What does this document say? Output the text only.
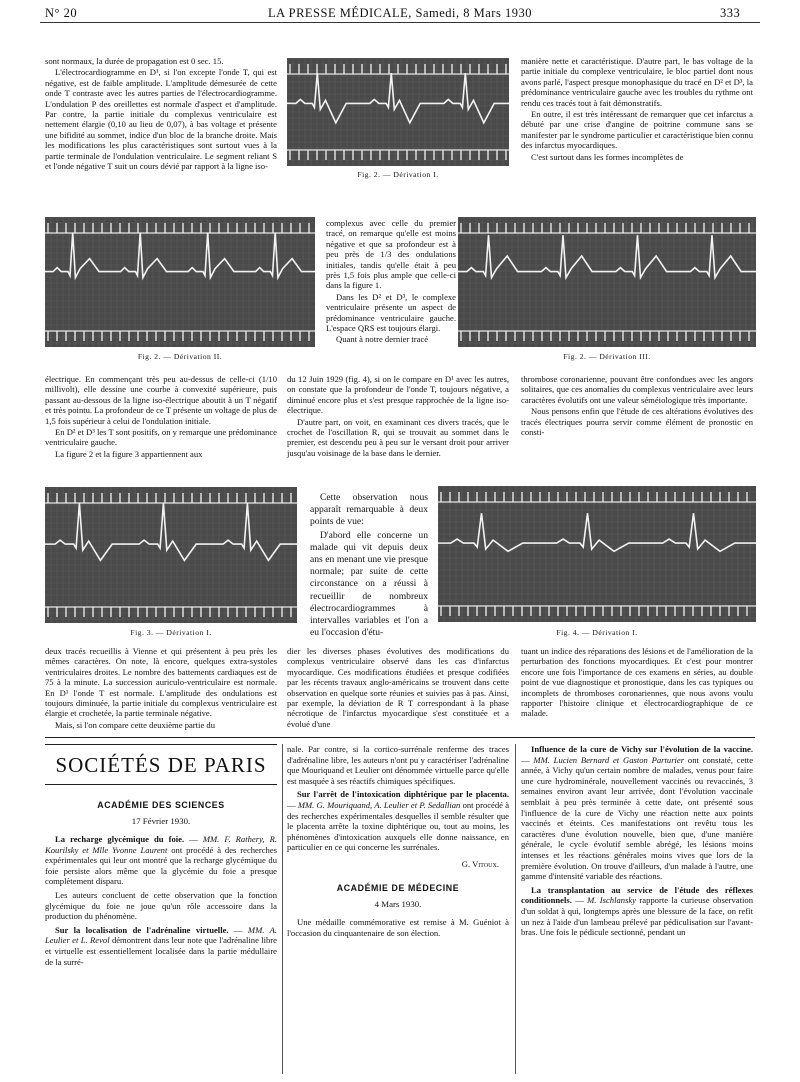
N° 20	LA PRESSE MÉDICALE, Samedi, 8 Mars 1930	333

sont normaux, la durée de propagation est 0 sec. 15.

L'électrocardiogramme en D¹, si l'on excepte l'onde T, qui est négative, est de faible amplitude. L'amplitude démesurée de cette onde T contraste avec les autres parties de l'électrocardiogramme. L'ondulation P des oreillettes est normale d'aspect et d'amplitude. Par contre, la partie initiale du complexus ventriculaire est nettement élargie (0,10 au lieu de 0,07), à bas voltage et présente une bifidité au sommet, indice d'un bloc de la branche droite. Mais les modifications les plus caractéristiques sont surtout vues à la partie terminale de l'ondulation ventriculaire. Le segment reliant S et l'onde négative T suit un cours dévié par rapport à la ligne iso-

Fig. 2. — Dérivation I.

manière nette et caractéristique. D'autre part, le bas voltage de la partie initiale du complexe ventriculaire, le bloc partiel dont nous avons parlé, l'aspect presque monophasique du tracé en D² et D³, la prédominance ventriculaire gauche avec les troubles du rythme ont rendu ces tracés tout à fait démonstratifs.

En outre, il est très intéressant de remarquer que cet infarctus a débuté par une crise d'angine de poitrine commune sans se manifester par le syndrome particulier et caractéristique bien connu des infarctus myocardiques.

C'est surtout dans les formes incomplètes de

Fig. 2. — Dérivation II.

complexus avec celle du premier tracé, on remarque qu'elle est moins négative et que sa profondeur est à peu près de 1/3 des ondulations initiales, tandis qu'elle était à peu près 1,5 fois plus ample que celle-ci dans la figure 1.

Dans les D² et D³, le complexe ventriculaire présente un aspect de prédominance ventriculaire gauche. L'espace QRS est toujours élargi.

Quant à notre dernier tracé

Fig. 2. — Dérivation III.

électrique. En commençant très peu au-dessus de celle-ci (1/10 millivolt), elle dessine une courbe à convexité supérieure, puis passant au-dessous de la ligne iso-électrique aboutit à un T négatif et très pointu. La profondeur de ce T présente un voltage de plus de 1,5 fois supérieur à celui de l'ondulation initiale.

En D² et D³ les T sont positifs, on y remarque une prédominance ventriculaire gauche.

La figure 2 et la figure 3 appartiennent aux

du 12 Juin 1929 (fig. 4), si on le compare en D¹ avec les autres, on constate que la profondeur de l'onde T, toujours négative, a diminué encore plus et s'est presque rapprochée de la ligne iso-électrique.

D'autre part, on voit, en examinant ces divers tracés, que le crochet de l'oscillation R, qui se trouvait au sommet dans le premier, est descendu peu à peu sur le versant droit pour arriver jusqu'au voisinage de la base dans le dernier.

thrombose coronarienne, pouvant être confondues avec les angors solitaires, que ces anomalies du complexus ventriculaire avec leurs caractères évolutifs ont une valeur séméiologique très importante.

Nous pensons enfin que l'étude de ces altérations évolutives des tracés électriques pourra servir comme élément de pronostic en consti-

Fig. 3. — Dérivation I.

Cette observation nous apparaît remarquable à deux points de vue:

D'abord elle concerne un malade qui vit depuis deux ans en menant une vie presque normale; par suite de cette circonstance on a réussi à recueillir de nombreux électrocardiogrammes à intervalles variables et l'on a eu l'occasion d'étu-	Fig. 4. — Dérivation I.

deux tracés recueillis à Vienne et qui présentent à peu près les mêmes caractères. On note, là encore, quelques extra-systoles ventriculaires droites. Le nombre des battements cardiaques est de 75 à la minute. La succession auriculo-ventriculaire est normale. En D¹ l'onde T est normale. L'amplitude des ondulations est toujours diminuée, la partie initiale du complexus ventriculaire est élargie et crochetée, la partie terminale négative.

Mais, si l'on compare cette deuxième partie du

dier les diverses phases évolutives des modifications du complexus ventriculaire observé dans les cas d'infarctus myocardique. Ces modifications étudiées et presque codifiées par les récents travaux anglo-américains se trouvent dans cette observation en quelque sorte réunies et suivies pas à pas. Ainsi, par exemple, la déviation de R T correspondant à la phase nécrotique de l'infarctus myocardique s'est constituée et a évolué d'une

tuant un indice des réparations des lésions et de l'amélioration de la perturbation des fonctions myocardiques. Et c'est pour montrer encore une fois l'importance de ces examens en séries, au double point de vue diagnostique et pronostique, dans les cas typiques ou incomplets de thromboses coronariennes, que nous avons voulu rapporter l'histoire clinique et électrocardiographique de ce malade.

SOCIÉTÉS DE PARIS
ACADÉMIE DES SCIENCES
17 Février 1930.

La recharge glycémique du foie. — MM. F. Rathery, R. Kourilsky et Mlle Yvonne Laurent ont procédé à des recherches expérimentales qui leur ont montré que la recharge glycémique du foie persiste alors même que la glycémie du foie a presque complètement disparu.

Les auteurs concluent de cette observation que la fonction glycémique du foie ne joue qu'un rôle accessoire dans la production du phénomène.

Sur la localisation de l'adrénaline virtuelle. — MM. A. Leulier et L. Revol démontrent dans leur note que l'adrénaline libre et virtuelle est essentiellement localisée dans la partie médullaire de la surré-

nale. Par contre, si la cortico-surrénale renferme des traces d'adrénaline libre, les auteurs n'ont pu y caractériser l'adrénaline que Mouriquand et Leulier ont dénommée virtuelle parce qu'elle est masquée à ses réactifs chimiques spécifiques.

Sur l'arrêt de l'intoxication diphtérique par le placenta. — MM. G. Mouriquand, A. Leulier et P. Sedallian ont procédé à des recherches expérimentales desquelles il semble résulter que le placenta arrête la toxine diphtérique ou, tout au moins, les phénomènes d'intoxication auxquels elle donne naissance, en particulier en ce qui concerne les surrénales.

G. Vitoux.
ACADÉMIE DE MÉDECINE
4 Mars 1930.

Une médaille commémorative est remise à M. Guéniot à l'occasion du cinquantenaire de son élection.

Influence de la cure de Vichy sur l'évolution de la vaccine. — MM. Lucien Bernard et Gaston Parturier ont constaté, cette année, à Vichy qu'un certain nombre de malades, venus pour faire une cure hydrominérale, nouvellement vaccinés ou revaccinés, 3 semaines environ avant leur arrivée, dont l'évolution vaccinale semblait à peu près terminée à cette date, ont présenté sous l'influence de la cure de Vichy une réaction nette aux points vaccinés et éteints. Ces manifestations ont revêtu tous les caractères d'une évolution nouvelle, bien que, d'une manière générale, le cycle évolutif semble abrégé, les lésions moins intenses et les réactions générales moins vives que lors de la première évolution. On trouve d'ailleurs, d'un malade à l'autre, une gamme d'intensité variable des réactions.

La transplantation au service de l'étude des réflexes conditionnels. — M. Ischlansky rapporte la curieuse observation d'un soldat à qui, longtemps après une blessure de la face, on refit un nez à l'aide d'un lambeau prélevé par pédiculisation sur l'avant-bras. Une fois le pédicule sectionné, pendant un
